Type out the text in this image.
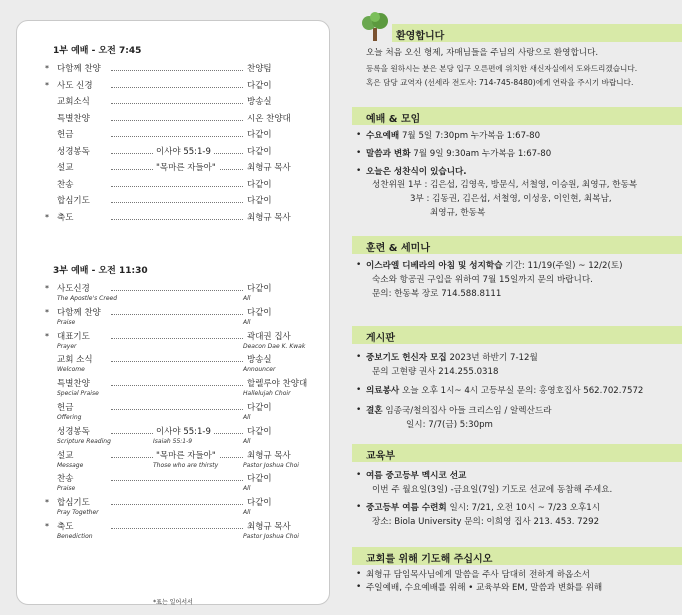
1부 예배 - 오전 7:45
* 다함께 찬양	찬양팀
* 사도 신경	다같이
교회소식	방송실
특별찬양	시온 찬양대
헌금	다같이
성경봉독	이사야 55:1-9	다같이
설교	"목마른 자들아"	최형규 목사
찬송	다같이
합심기도	다같이
* 축도	최형규 목사
3부 예배 - 오전 11:30
* 사도신경	다같이
The Apostle's Creed	All
* 다함께 찬양	다같이
Praise	All
* 대표기도	곽대권 집사
Prayer	Deacon Dae K. Kwak
교회 소식	방송실
Welcome	Announcer
특별찬양	할렐루야 찬양대
Special Praise	Hallelujah Choir
헌금	다같이
Offering	All
성경봉독	이사야 55:1-9	다같이
Scripture Reading	Isaiah 55:1-9	All
설교	"목마른 자들아"	최형규 목사
Message	Those who are thirsty	Pastor Joshua Choi
찬송	다같이
Praise	All
* 합심기도	다같이
Pray Together	All
* 축도	최형규 목사
Benediction	Pastor Joshua Choi
*표는 일어서서
환영합니다
오늘 처음 오신 형제, 자매님들을 주님의 사랑으로 환영합니다.
등록을 원하시는 분은 본당 입구 오른편에 위치한 새신자실에서 도와드리겠습니다.
혹은 담당 교역자 (선세라 전도사: 714-745-8480)에게 연락을 주시기 바랍니다.
예배 & 모임
• 수요예배 7월 5일 7:30pm 누가복음 1:67-80
• 말씀과 변화 7월 9일 9:30am 누가복음 1:67-80
• 오늘은 성찬식이 있습니다.
성찬위원 1부 : 김은섭, 김영욱, 방문식, 서철영, 이승원, 최영규, 한동복
3부 : 김동권, 김은섭, 서철영, 이성웅, 이인현, 최복남,
최영규, 한동복
훈련 & 세미나
• 이스라엘 디베라의 아침 및 성지학습 기간: 11/19(주일) ~ 12/2(토)
숙소와 항공권 구입을 위하여 7월 15일까지 문의 바랍니다.
문의: 한동복 장로 714.588.8111
게시판
• 중보기도 헌신자 모집 2023년 하반기 7-12월
문의 고현량 권사 214.255.0318
• 의료봉사 오늘 오후 1시~ 4시 고등부실 문의: 홍영호집사 562.702.7572
• 결혼 임종국/철의집사 아들 크리스임 / 알렉산드라
일시: 7/7(금) 5:30pm
교육부
• 여름 중고등부 멕시코 선교
이번 주 월요일(3일) -금요일(7일) 기도로 선교에 동참해 주세요.
• 중고등부 여름 수련회 일시: 7/21, 오전 10시 ~ 7/23 오후1시
장소: Biola University 문의: 이희영 집사 213. 453. 7292
교회를 위해 기도해 주십시오
• 최형규 담임목사님에게 말씀을 주사 담대히 전하게 하옵소서
• 주일예배, 수요예배를 위해 • 교육부와 EM, 말씀과 변화를 위해
